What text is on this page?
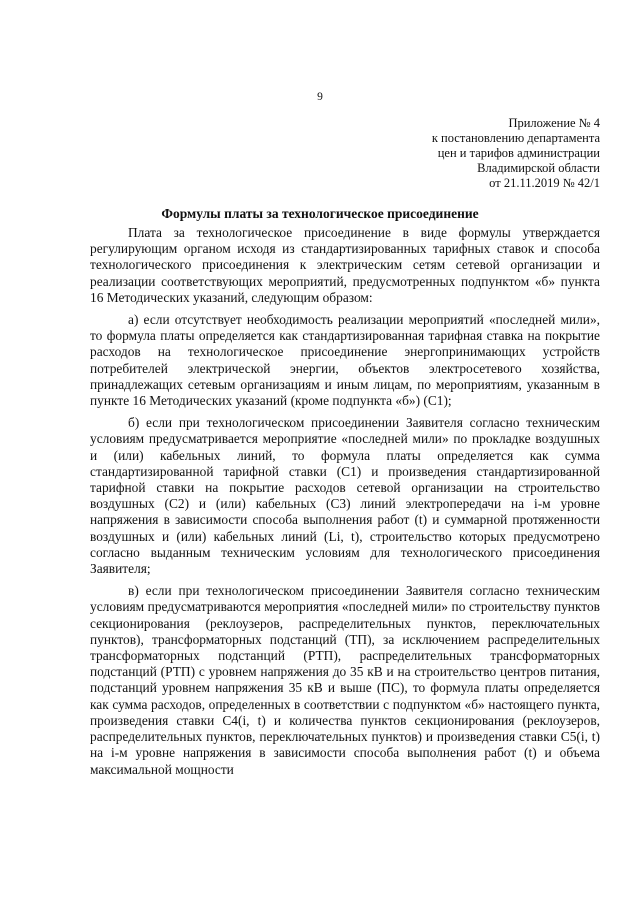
9
Приложение № 4
к постановлению департамента
цен и тарифов администрации
Владимирской области
от 21.11.2019 № 42/1
Формулы платы за технологическое присоединение

Плата за технологическое присоединение в виде формулы утверждается регулирующим органом исходя из стандартизированных тарифных ставок и способа технологического присоединения к электрическим сетям сетевой организации и реализации соответствующих мероприятий, предусмотренных подпунктом «б» пункта 16 Методических указаний, следующим образом:

а) если отсутствует необходимость реализации мероприятий «последней мили», то формула платы определяется как стандартизированная тарифная ставка на покрытие расходов на технологическое присоединение энергопринимающих устройств потребителей электрической энергии, объектов электросетевого хозяйства, принадлежащих сетевым организациям и иным лицам, по мероприятиям, указанным в пункте 16 Методических указаний (кроме подпункта «б») (С1);

б) если при технологическом присоединении Заявителя согласно техническим условиям предусматривается мероприятие «последней мили» по прокладке воздушных и (или) кабельных линий, то формула платы определяется как сумма стандартизированной тарифной ставки (С1) и произведения стандартизированной тарифной ставки на покрытие расходов сетевой организации на строительство воздушных (С2) и (или) кабельных (С3) линий электропередачи на i-м уровне напряжения в зависимости способа выполнения работ (t) и суммарной протяженности воздушных и (или) кабельных линий (Li, t), строительство которых предусмотрено согласно выданным техническим условиям для технологического присоединения Заявителя;

в) если при технологическом присоединении Заявителя согласно техническим условиям предусматриваются мероприятия «последней мили» по строительству пунктов секционирования (реклоузеров, распределительных пунктов, переключательных пунктов), трансформаторных подстанций (ТП), за исключением распределительных трансформаторных подстанций (РТП), распределительных трансформаторных подстанций (РТП) с уровнем напряжения до 35 кВ и на строительство центров питания, подстанций уровнем напряжения 35 кВ и выше (ПС), то формула платы определяется как сумма расходов, определенных в соответствии с подпунктом «б» настоящего пункта, произведения ставки С4(i, t) и количества пунктов секционирования (реклоузеров, распределительных пунктов, переключательных пунктов) и произведения ставки С5(i, t) на i-м уровне напряжения в зависимости способа выполнения работ (t) и объема максимальной мощности
